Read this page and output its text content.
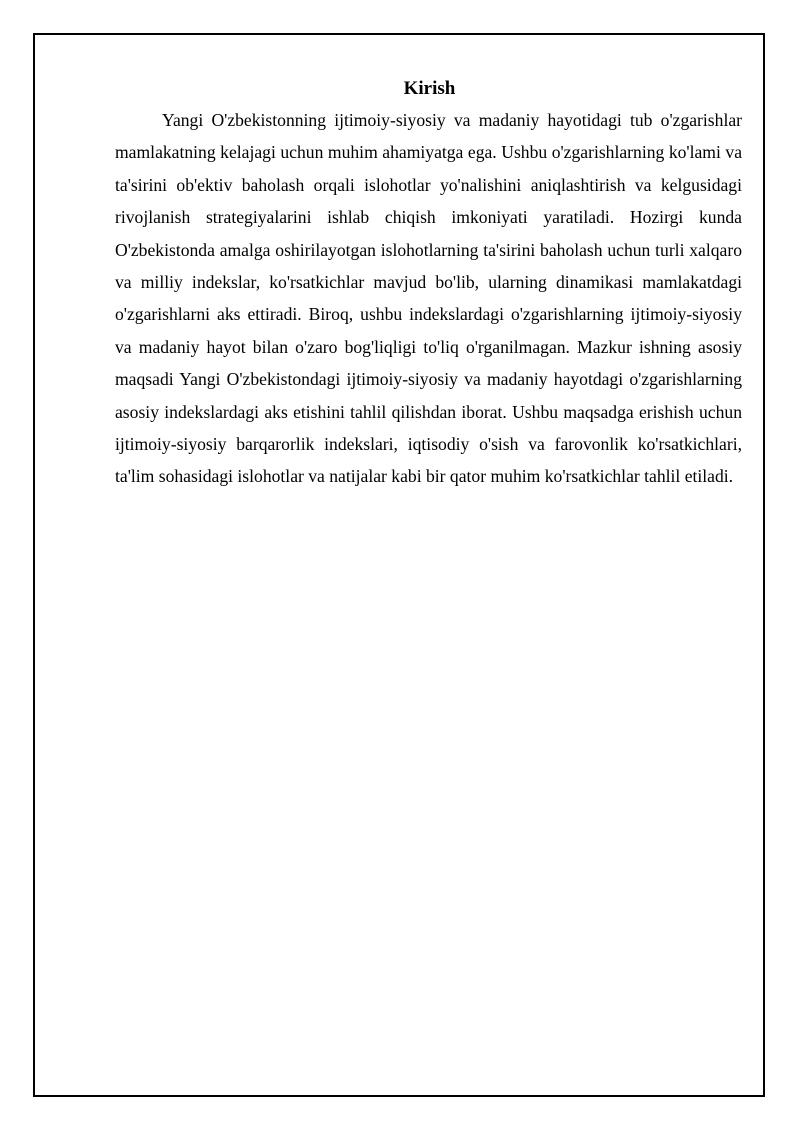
Kirish

Yangi O'zbekistonning ijtimoiy-siyosiy va madaniy hayotidagi tub o'zgarishlar mamlakatning kelajagi uchun muhim ahamiyatga ega. Ushbu o'zgarishlarning ko'lami va ta'sirini ob'ektiv baholash orqali islohotlar yo'nalishini aniqlashtirish va kelgusidagi rivojlanish strategiyalarini ishlab chiqish imkoniyati yaratiladi. Hozirgi kunda O'zbekistonda amalga oshirilayotgan islohotlarning ta'sirini baholash uchun turli xalqaro va milliy indekslar, ko'rsatkichlar mavjud bo'lib, ularning dinamikasi mamlakatdagi o'zgarishlarni aks ettiradi. Biroq, ushbu indekslardagi o'zgarishlarning ijtimoiy-siyosiy va madaniy hayot bilan o'zaro bog'liqligi to'liq o'rganilmagan. Mazkur ishning asosiy maqsadi Yangi O'zbekistondagi ijtimoiy-siyosiy va madaniy hayotdagi o'zgarishlarning asosiy indekslardagi aks etishini tahlil qilishdan iborat. Ushbu maqsadga erishish uchun ijtimoiy-siyosiy barqarorlik indekslari, iqtisodiy o'sish va farovonlik ko'rsatkichlari, ta'lim sohasidagi islohotlar va natijalar kabi bir qator muhim ko'rsatkichlar tahlil etiladi.
